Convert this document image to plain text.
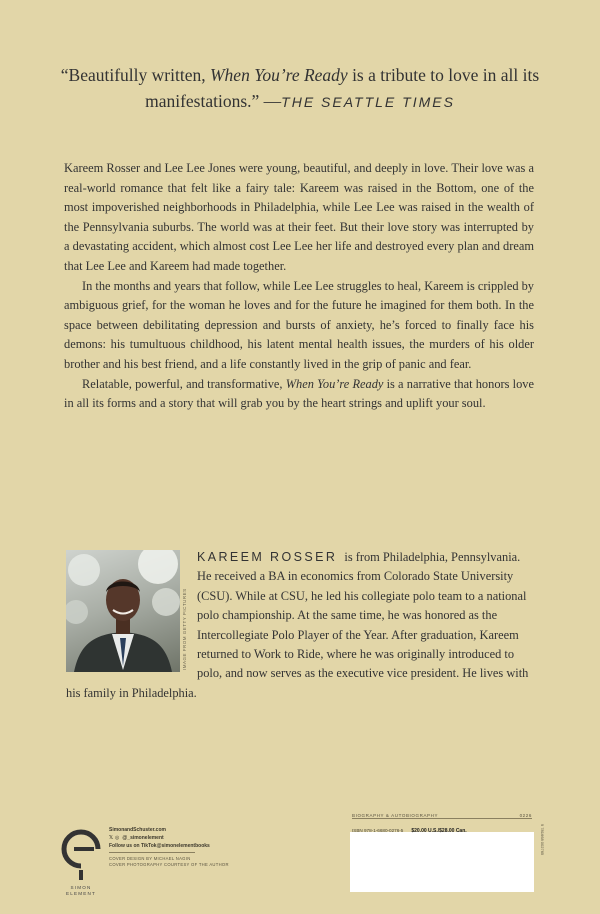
“Beautifully written, When You’re Ready is a tribute to love in all its manifestations.” —THE SEATTLE TIMES

Kareem Rosser and Lee Lee Jones were young, beautiful, and deeply in love. Their love was a real-world romance that felt like a fairy tale: Kareem was raised in the Bottom, one of the most impoverished neighborhoods in Philadelphia, while Lee Lee was raised in the wealth of the Pennsylvania suburbs. The world was at their feet. But their love story was interrupted by a devastating accident, which almost cost Lee Lee her life and destroyed every plan and dream that Lee Lee and Kareem had made together.

In the months and years that follow, while Lee Lee struggles to heal, Kareem is crippled by ambiguous grief, for the woman he loves and for the future he imagined for them both. In the space between debilitating depression and bursts of anxiety, he’s forced to finally face his demons: his tumultuous childhood, his latent mental health issues, the murders of his older brother and his best friend, and a life constantly lived in the grip of panic and fear.

Relatable, powerful, and transformative, When You’re Ready is a narrative that honors love in all its forms and a story that will grab you by the heart strings and uplift your soul.

IMAGE FROM GETTY PICTURES
KAREEM ROSSER is from Philadelphia, Pennsylvania. He received a BA in economics from Colorado State University (CSU). While at CSU, he led his collegiate polo team to a national polo championship. At the same time, he was honored as the Intercollegiate Polo Player of the Year. After graduation, Kareem returned to Work to Ride, where he was originally introduced to polo, and now serves as the executive vice president. He lives with his family in Philadelphia.
BIOGRAPHY & AUTOBIOGRAPHY	0226
ISBN 978-1-6680-0276-5 $20.00 U.S./$28.00 Can.	9 781668 002765
SIMON
ELEMENT
SimonandSchuster.com
𝕏 ◎ @_simonelement
Follow us on TikTok@simonelementbooks
COVER DESIGN BY MICHAEL NAGIN
COVER PHOTOGRAPHY COURTESY OF THE AUTHOR
